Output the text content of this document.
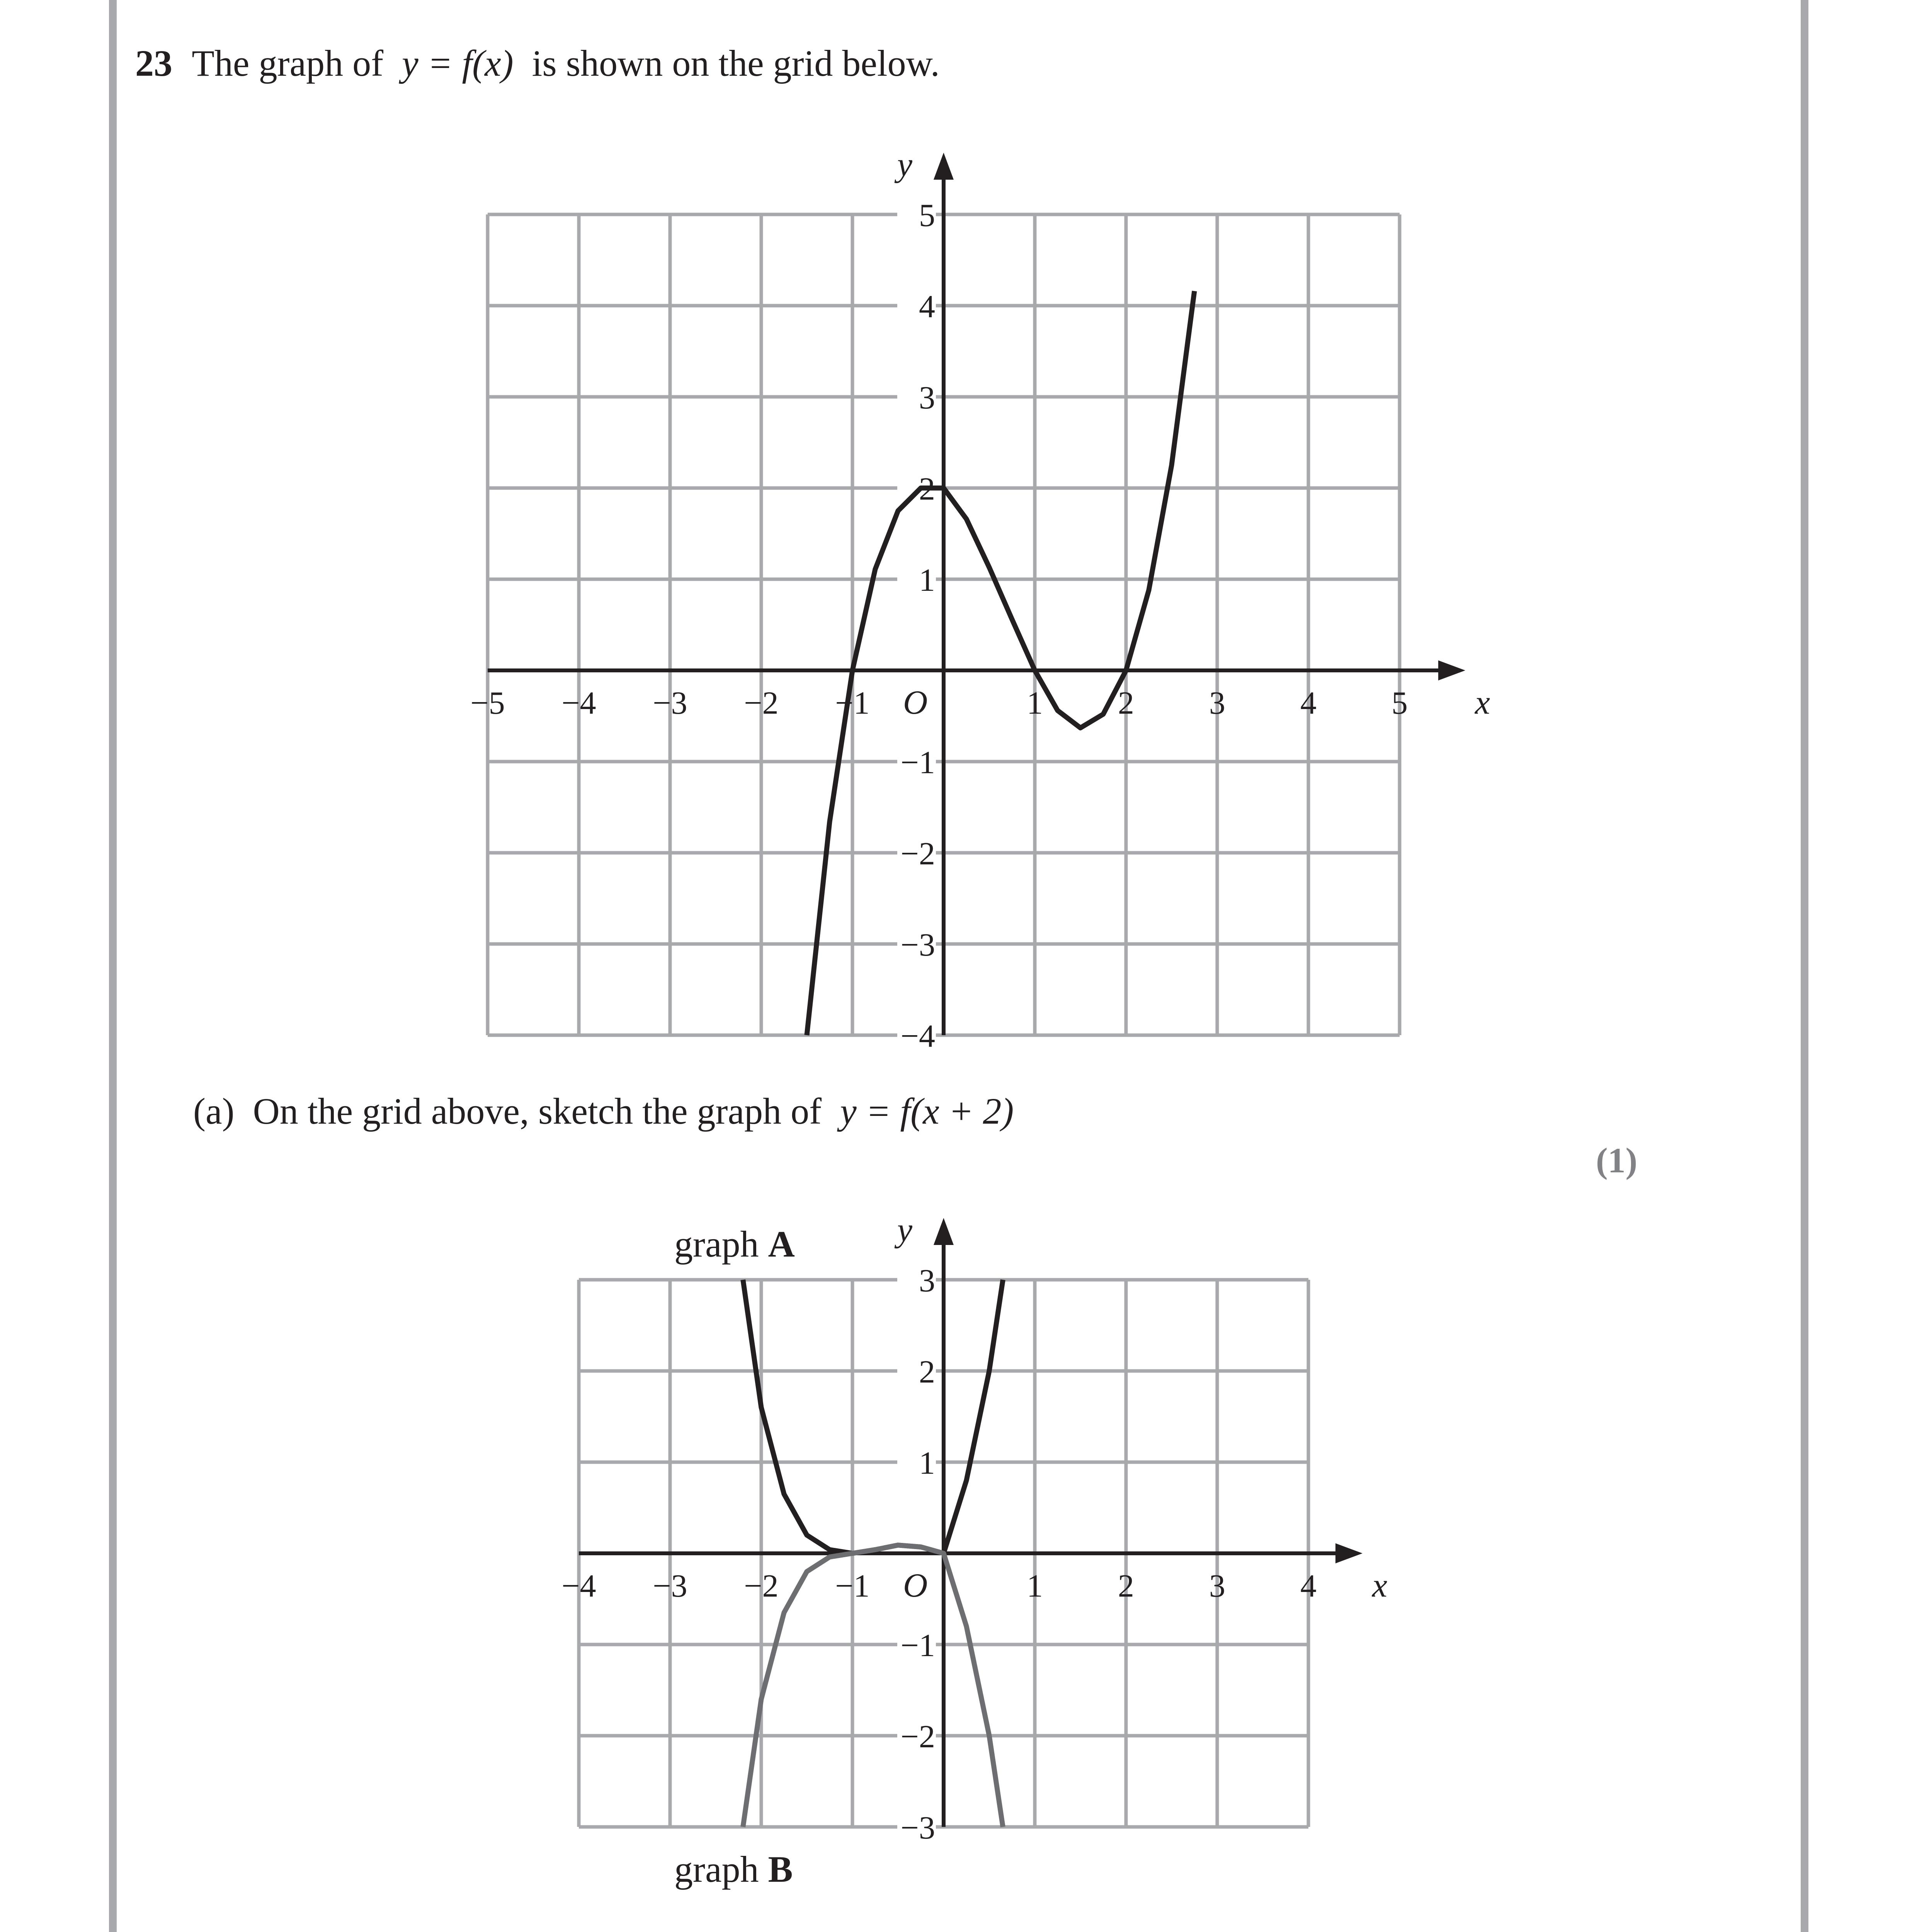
23 The graph of y = f(x) is shown on the grid below.
x
y
O
−5 −4 −3 −2 −1	1 2 3 4 5
5
4
3
2
1
−1
−2
−3
−4
(a) On the grid above, sketch the graph of y = f(x + 2)
(1)
x
y
O
−4 −3 −2 −1	1 2 3 4
3
2
1
−1
−2
−3
graph A
graph B
